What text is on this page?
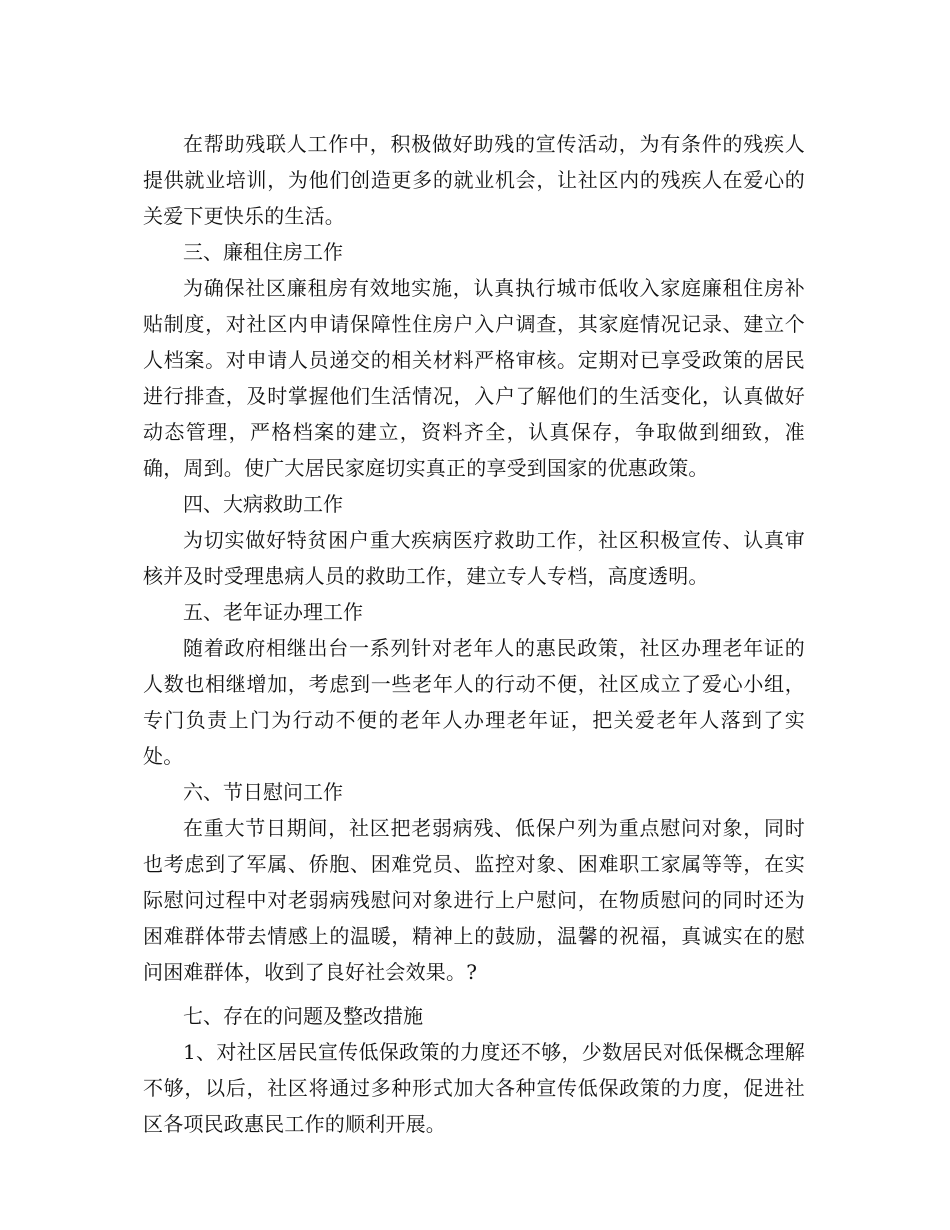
在帮助残联人工作中，积极做好助残的宣传活动，为有条件的残疾人提供就业培训，为他们创造更多的就业机会，让社区内的残疾人在爱心的关爱下更快乐的生活。

三、廉租住房工作

为确保社区廉租房有效地实施，认真执行城市低收入家庭廉租住房补贴制度，对社区内申请保障性住房户入户调查，其家庭情况记录、建立个人档案。对申请人员递交的相关材料严格审核。定期对已享受政策的居民进行排查，及时掌握他们生活情况，入户了解他们的生活变化，认真做好动态管理，严格档案的建立，资料齐全，认真保存，争取做到细致，准确，周到。使广大居民家庭切实真正的享受到国家的优惠政策。

四、大病救助工作

为切实做好特贫困户重大疾病医疗救助工作，社区积极宣传、认真审核并及时受理患病人员的救助工作，建立专人专档，高度透明。

五、老年证办理工作

随着政府相继出台一系列针对老年人的惠民政策，社区办理老年证的人数也相继增加，考虑到一些老年人的行动不便，社区成立了爱心小组，专门负责上门为行动不便的老年人办理老年证，把关爱老年人落到了实处。

六、节日慰问工作

在重大节日期间，社区把老弱病残、低保户列为重点慰问对象，同时也考虑到了军属、侨胞、困难党员、监控对象、困难职工家属等等，在实际慰问过程中对老弱病残慰问对象进行上户慰问，在物质慰问的同时还为困难群体带去情感上的温暖，精神上的鼓励，温馨的祝福，真诚实在的慰问困难群体，收到了良好社会效果。?

七、存在的问题及整改措施

1、对社区居民宣传低保政策的力度还不够，少数居民对低保概念理解不够，以后，社区将通过多种形式加大各种宣传低保政策的力度，促进社区各项民政惠民工作的顺利开展。
